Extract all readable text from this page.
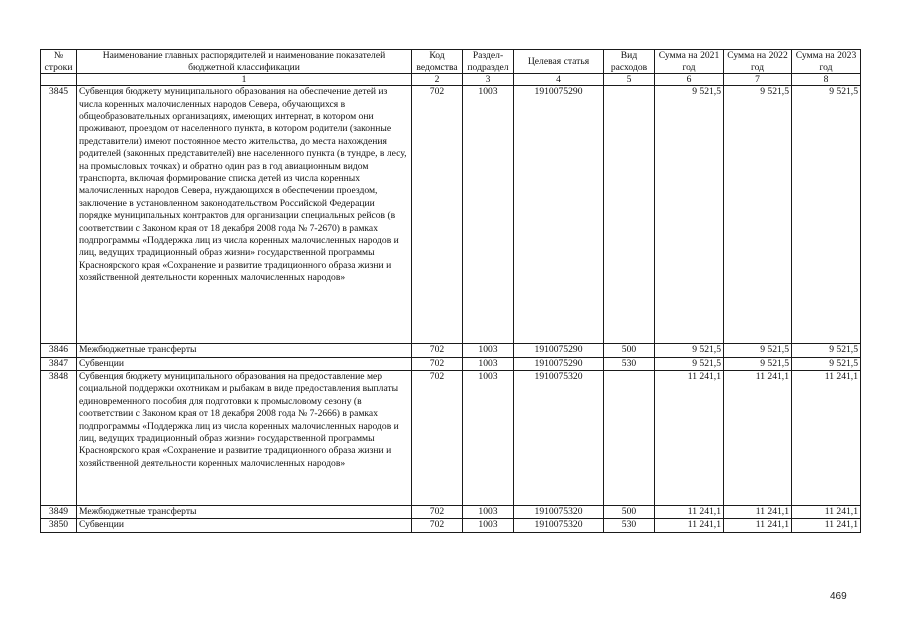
№ строки	Наименование главных распорядителей и наименование показателей бюджетной классификации	Код ведомства	Раздел-подраздел	Целевая статья	Вид расходов	Сумма на 2021 год	Сумма на 2022 год	Сумма на 2023 год
	1	2	3	4	5	6	7	8
3845	Субвенция бюджету муниципального образования на обеспечение детей из числа коренных малочисленных народов Севера, обучающихся в общеобразовательных организациях, имеющих интернат, в котором они проживают, проездом от населенного пункта, в котором родители (законные представители) имеют постоянное место жительства, до места нахождения родителей (законных представителей) вне населенного пункта (в тундре, в лесу, на промысловых точках) и обратно один раз в год авиационным видом транспорта, включая формирование списка детей из числа коренных малочисленных народов Севера, нуждающихся в обеспечении проездом, заключение в установленном законодательством Российской Федерации порядке муниципальных контрактов для организации специальных рейсов (в соответствии с Законом края от 18 декабря 2008 года № 7-2670) в рамках подпрограммы «Поддержка лиц из числа коренных малочисленных народов и лиц, ведущих традиционный образ жизни» государственной программы Красноярского края «Сохранение и развитие традиционного образа жизни и хозяйственной деятельности коренных малочисленных народов»	702	1003	1910075290		9 521,5	9 521,5	9 521,5
3846	Межбюджетные трансферты	702	1003	1910075290	500	9 521,5	9 521,5	9 521,5
3847	Субвенции	702	1003	1910075290	530	9 521,5	9 521,5	9 521,5
3848	Субвенция бюджету муниципального образования на предоставление мер социальной поддержки охотникам и рыбакам в виде предоставления выплаты единовременного пособия для подготовки к промысловому сезону (в соответствии с Законом края от 18 декабря 2008 года № 7-2666) в рамках подпрограммы «Поддержка лиц из числа коренных малочисленных народов и лиц, ведущих традиционный образ жизни» государственной программы Красноярского края «Сохранение и развитие традиционного образа жизни и хозяйственной деятельности коренных малочисленных народов»	702	1003	1910075320		11 241,1	11 241,1	11 241,1
3849	Межбюджетные трансферты	702	1003	1910075320	500	11 241,1	11 241,1	11 241,1
3850	Субвенции	702	1003	1910075320	530	11 241,1	11 241,1	11 241,1
469
